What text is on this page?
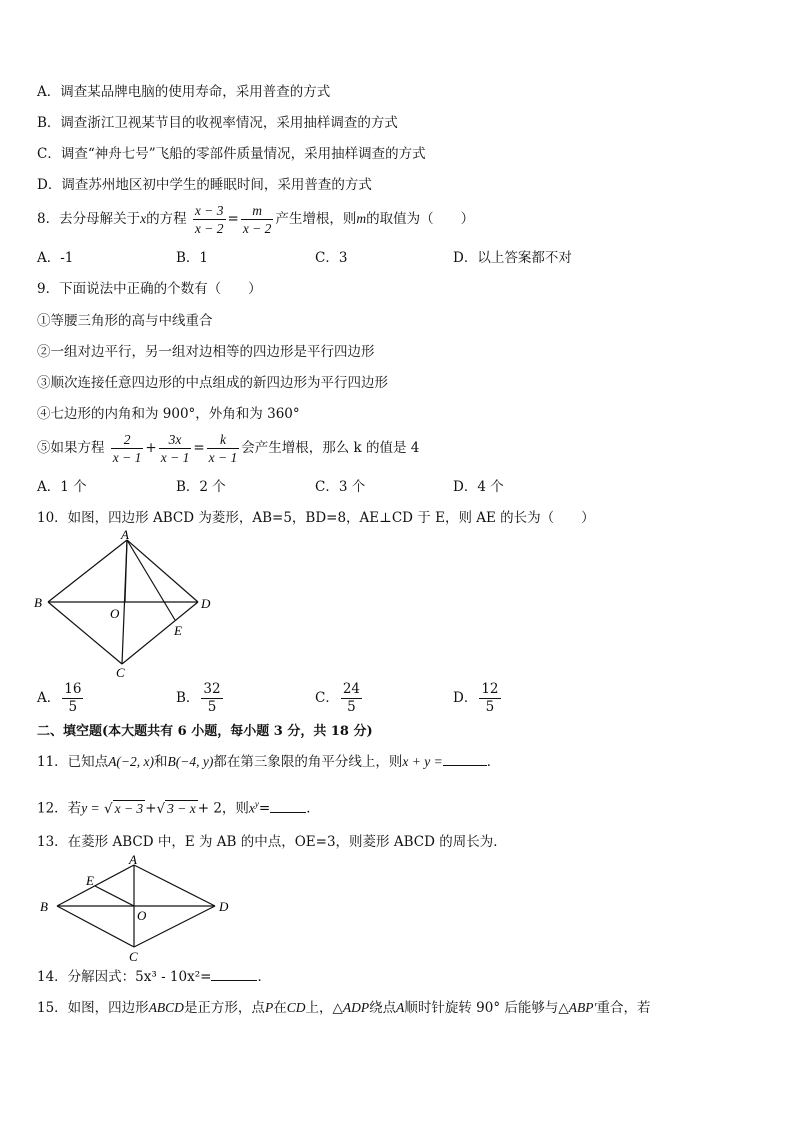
A．调查某品牌电脑的使用寿命，采用普查的方式
B．调查浙江卫视某节目的收视率情况，采用抽样调查的方式
C．调查“神舟七号”飞船的零部件质量情况，采用抽样调查的方式
D．调查苏州地区初中学生的睡眠时间，采用普查的方式
8．去分母解关于x的方程 $\frac{x - 3}{x - 2} = \frac{m}{x - 2}$ 产生增根，则m的取值为（　　）
A．-1	B．1	C．3	D．以上答案都不对
9．下面说法中正确的个数有（　　）
①等腰三角形的高与中线重合
②一组对边平行，另一组对边相等的四边形是平行四边形
③顺次连接任意四边形的中点组成的新四边形为平行四边形
④七边形的内角和为 900°，外角和为 360°
⑤如果方程 $\frac{2}{x - 1} + \frac{3x}{x - 1} = \frac{k}{x - 1}$ 会产生增根，那么 k 的值是 4
A．1 个	B．2 个	C．3 个	D．4 个
10．如图，四边形 ABCD 为菱形，AB=5，BD=8，AE⊥CD 于 E，则 AE 的长为（　　）
A
B
C
D
O
E
A． $\frac{16}{5}$	B． $\frac{32}{5}$	C． $\frac{24}{5}$	D． $\frac{12}{5}$
二、填空题(本大题共有 6 小题，每小题 3 分，共 18 分)
11．已知点A(−2, x)和B(−4, y)都在第三象限的角平分线上，则x + y =	．
12．若y = √ x − 3 +√ 3 − x + 2，则$x^y=$	．
13．在菱形 ABCD 中，E 为 AB 的中点，OE=3，则菱形 ABCD 的周长为．
A
B
C
D
O
E
14．分解因式：5x³ - 10x²=	．
15．如图，四边形ABCD是正方形，点P在CD上，△ADP绕点A顺时针旋转 90° 后能够与△ABP′重合，若
